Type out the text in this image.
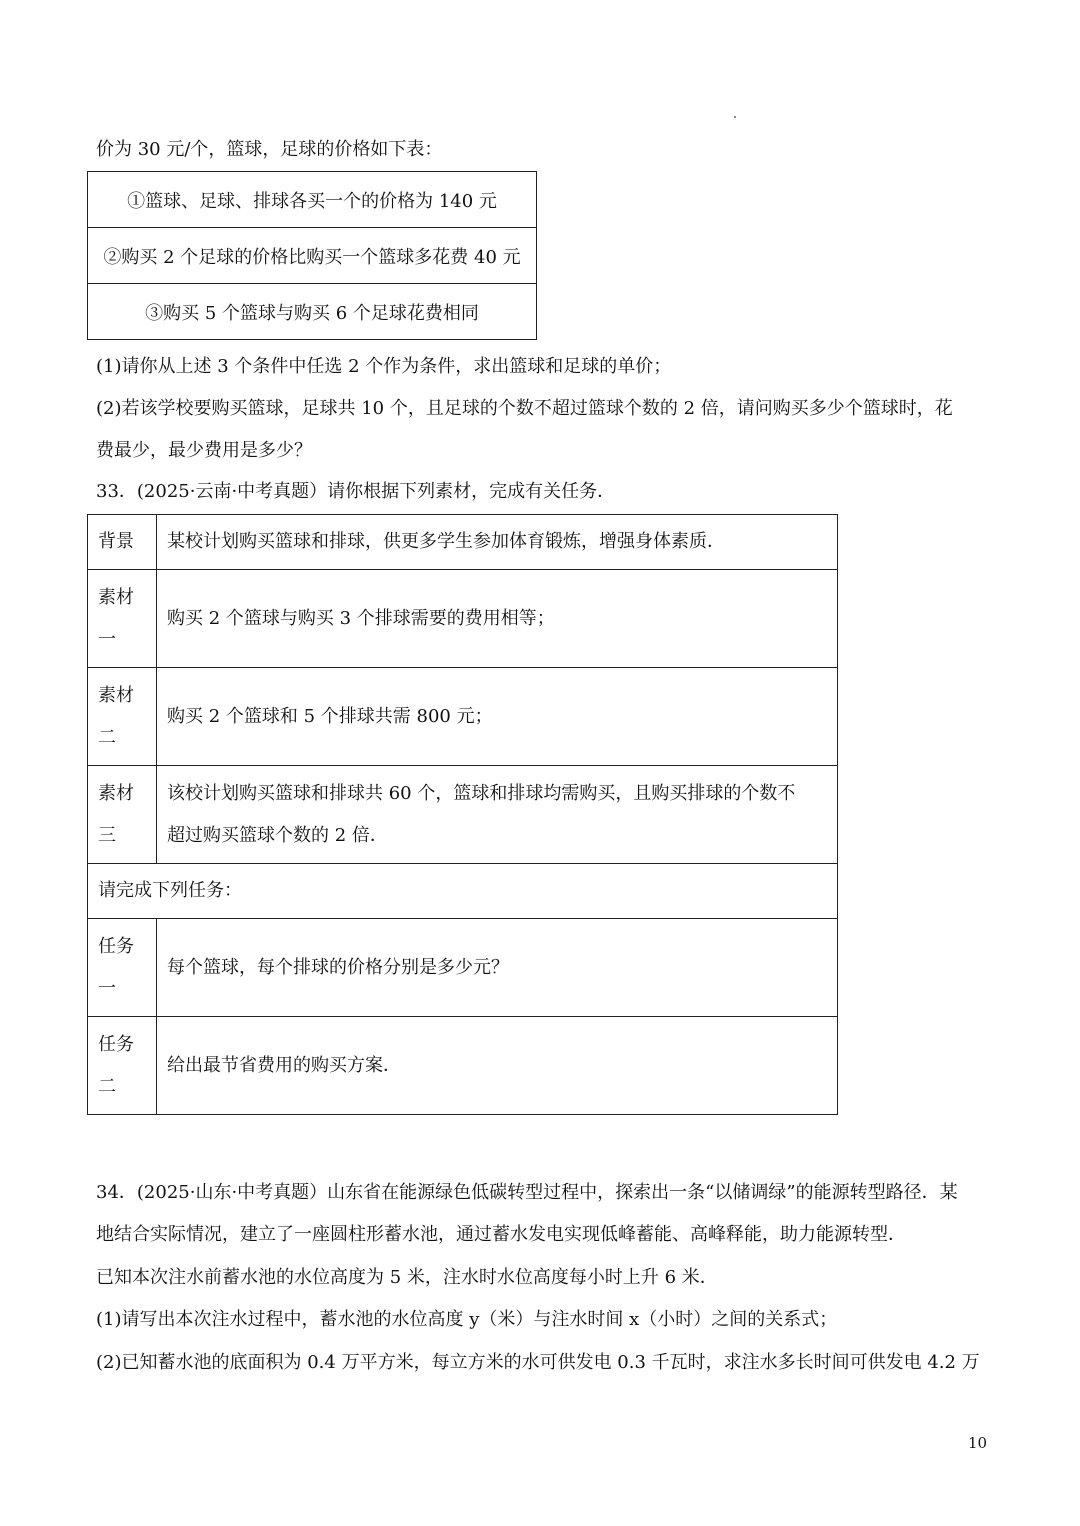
价为 30 元/个，篮球，足球的价格如下表：
①篮球、足球、排球各买一个的价格为 140 元
②购买 2 个足球的价格比购买一个篮球多花费 40 元
③购买 5 个篮球与购买 6 个足球花费相同
(1)请你从上述 3 个条件中任选 2 个作为条件，求出篮球和足球的单价；
(2)若该学校要购买篮球，足球共 10 个，且足球的个数不超过篮球个数的 2 倍，请问购买多少个篮球时，花
费最少，最少费用是多少？
33．(2025·云南·中考真题）请你根据下列素材，完成有关任务．
背景	某校计划购买篮球和排球，供更多学生参加体育锻炼，增强身体素质．
素材
一	购买 2 个篮球与购买 3 个排球需要的费用相等；
素材
二	购买 2 个篮球和 5 个排球共需 800 元；
素材
三	该校计划购买篮球和排球共 60 个，篮球和排球均需购买，且购买排球的个数不
超过购买篮球个数的 2 倍．
请完成下列任务：	
任务
一	每个篮球，每个排球的价格分别是多少元？
任务
二	给出最节省费用的购买方案．
34．(2025·山东·中考真题）山东省在能源绿色低碳转型过程中，探索出一条“以储调绿”的能源转型路径．某
地结合实际情况，建立了一座圆柱形蓄水池，通过蓄水发电实现低峰蓄能、高峰释能，助力能源转型．
已知本次注水前蓄水池的水位高度为 5 米，注水时水位高度每小时上升 6 米．
(1)请写出本次注水过程中，蓄水池的水位高度 y（米）与注水时间 x（小时）之间的关系式；
(2)已知蓄水池的底面积为 0.4 万平方米，每立方米的水可供发电 0.3 千瓦时，求注水多长时间可供发电 4.2 万
10
